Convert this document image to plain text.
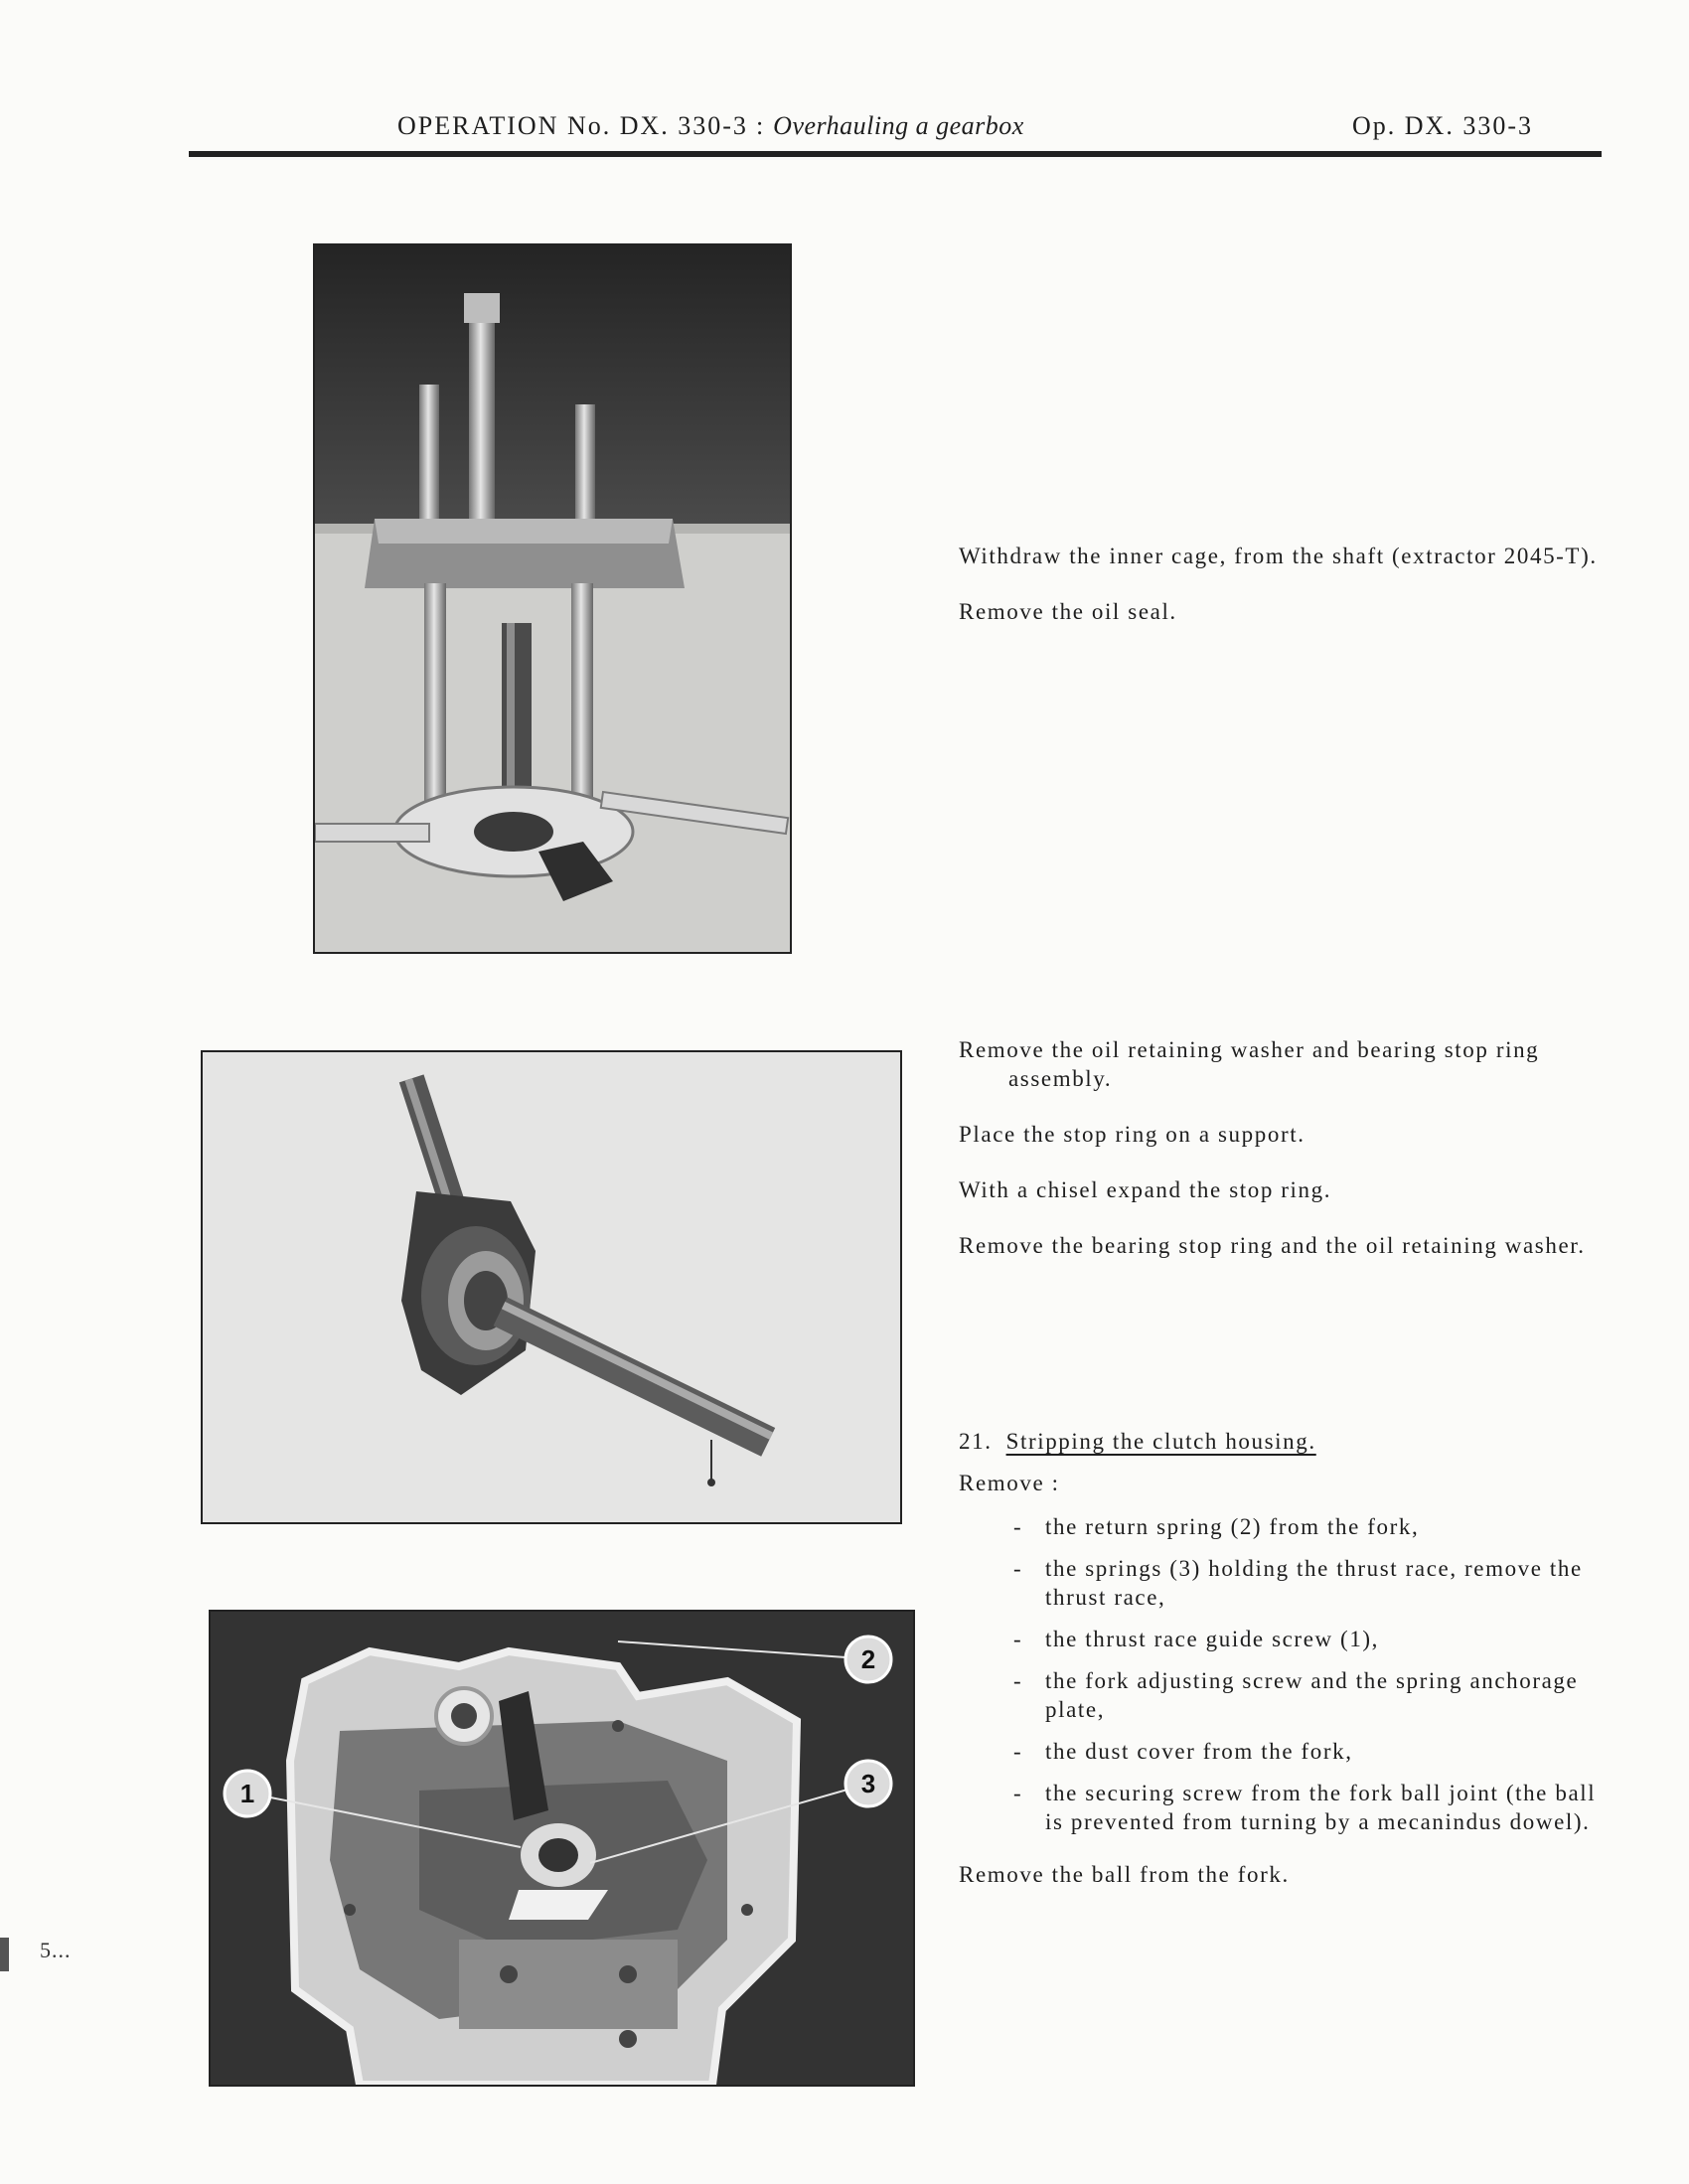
OPERATION No. DX. 330-3 : Overhauling a gearbox	Op. DX. 330-3
1
2
3

Withdraw the inner cage, from the shaft (extractor 2045-T).

Remove the oil seal.

Remove the oil retaining washer and bearing stop ring assembly.

Place the stop ring on a support.

With a chisel expand the stop ring.

Remove the bearing stop ring and the oil retaining washer.

21. Stripping the clutch housing.
Remove :
- the return spring (2) from the fork,
- the springs (3) holding the thrust race, remove the thrust race,
- the thrust race guide screw (1),
- the fork adjusting screw and the spring anchorage plate,
- the dust cover from the fork,
- the securing screw from the fork ball joint (the ball is prevented from turning by a mecanindus dowel).

Remove the ball from the fork.

5...
